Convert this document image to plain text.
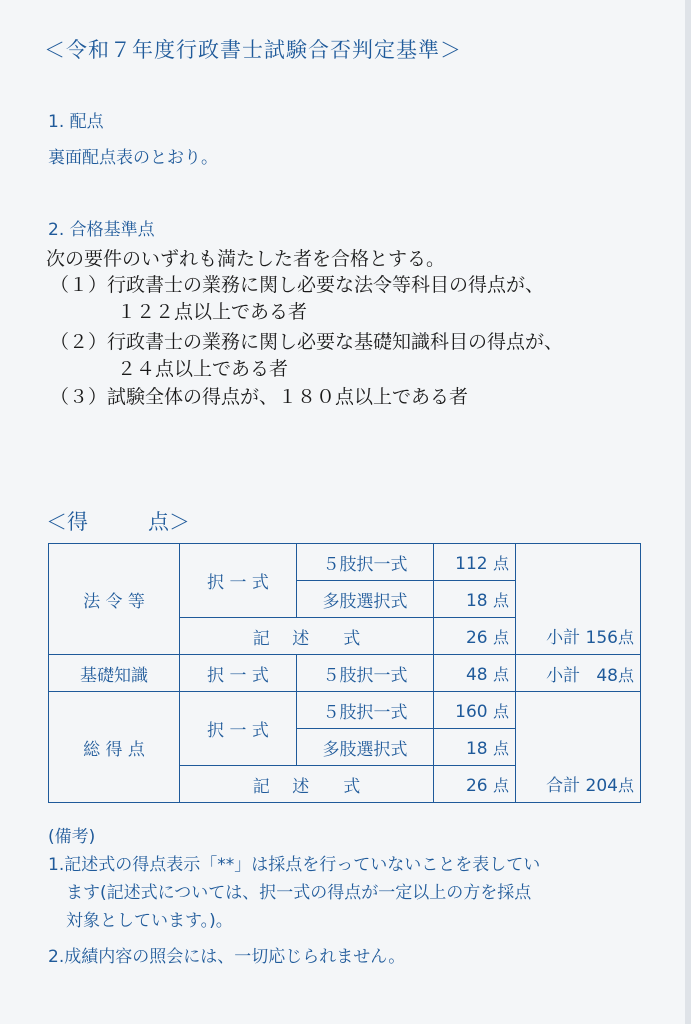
＜令和７年度行政書士試験合否判定基準＞
1. 配点
裏面配点表のとおり。
2. 合格基準点
次の要件のいずれも満たした者を合格とする。
（１）行政書士の業務に関し必要な法令等科目の得点が、
１２２点以上である者
（２）行政書士の業務に関し必要な基礎知識科目の得点が、
２４点以上である者
（３）試験全体の得点が、１８０点以上である者
＜得	点＞
法 令 等	択 一 式	５肢択一式	112 点	小計 156点
		多肢選択式	18 点	
	記　 述　　式		26 点	
基礎知識	択 一 式	５肢択一式	48 点	小計 48点
総 得 点	択 一 式	５肢択一式	160 点	合計 204点
		多肢選択式	18 点	
	記　 述　　式		26 点	
(備考)
1.記述式の得点表示「**」は採点を行っていないことを表してい
ます(記述式については、択一式の得点が一定以上の方を採点
対象としています。)。
2.成績内容の照会には、一切応じられません。
